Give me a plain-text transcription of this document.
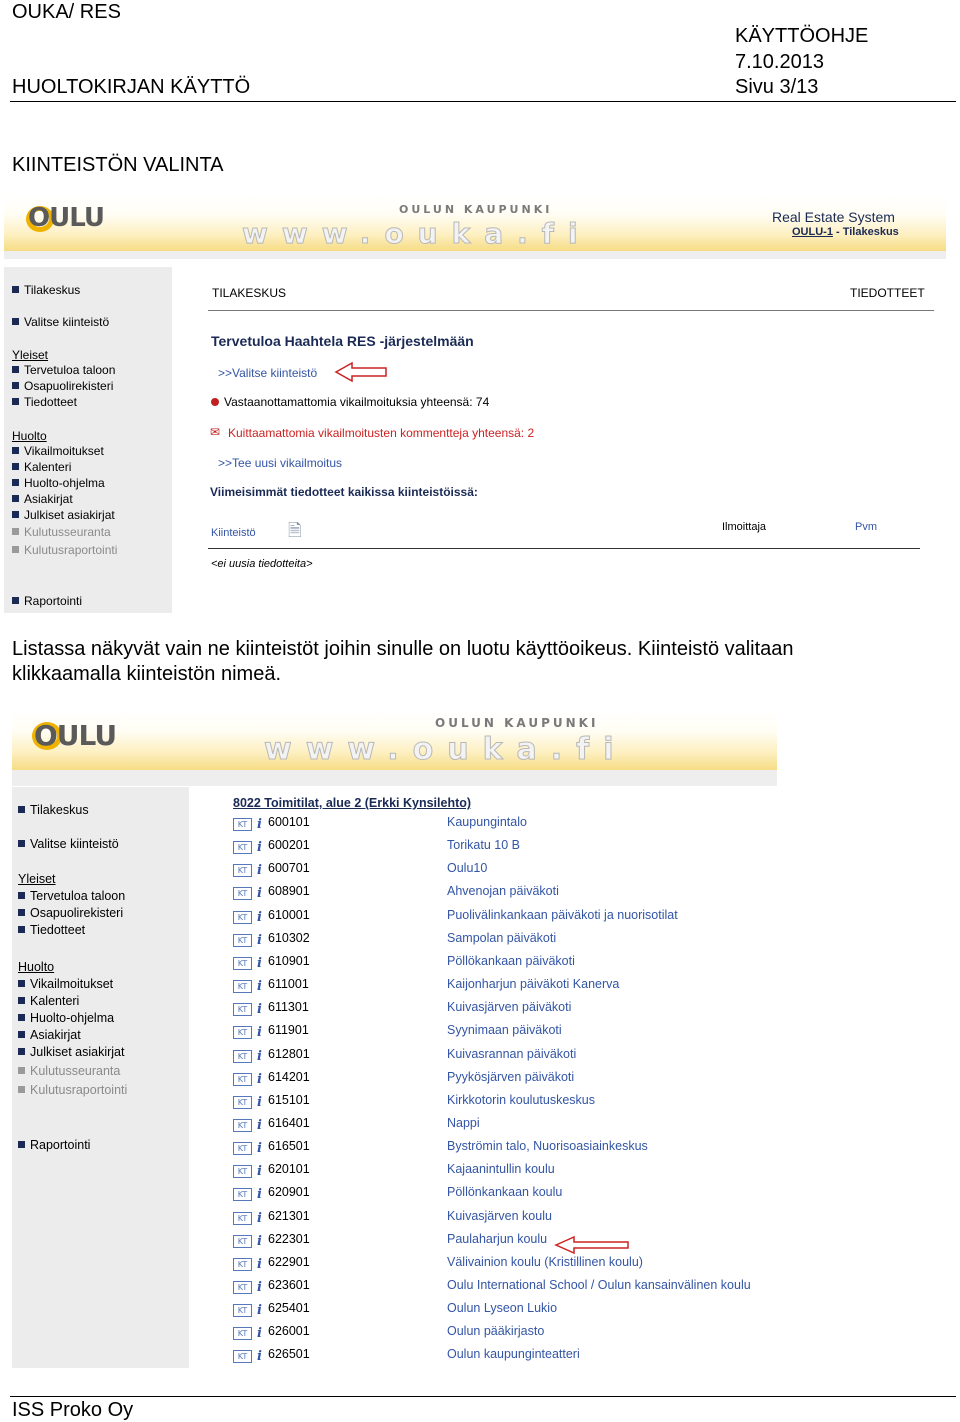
OUKA/ RES
KÄYTTÖOHJE
7.10.2013
HUOLTOKIRJAN KÄYTTÖ	Sivu 3/13
KIINTEISTÖN VALINTA
OULU	OULUN KAUPUNKI
www.ouka.fi	Real Estate System
OULU-1 - Tilakeskus
Tilakeskus
Valitse kiinteistö
Yleiset
Tervetuloa taloon
Osapuolirekisteri
Tiedotteet
Huolto
Vikailmoitukset
Kalenteri
Huolto-ohjelma
Asiakirjat
Julkiset asiakirjat
Kulutusseuranta
Kulutusraportointi
Raportointi
TILAKESKUS	TIEDOTTEET
Tervetuloa Haahtela RES -järjestelmään
>>Valitse kiinteistö
Vastaanottamattomia vikailmoituksia yhteensä: 74
✉ Kuittaamattomia vikailmoitusten kommentteja yhteensä: 2
>>Tee uusi vikailmoitus
Viimeisimmät tiedotteet kaikissa kiinteistöissä:
Kiinteistö 🗎	Ilmoittaja	Pvm
<ei uusia tiedotteita>
Listassa näkyvät vain ne kiinteistöt joihin sinulle on luotu käyttöoikeus. Kiinteistö valitaan
klikkaamalla kiinteistön nimeä.
OULU	OULUN KAUPUNKI
www.ouka.fi
Tilakeskus
Valitse kiinteistö
Yleiset
Tervetuloa taloon
Osapuolirekisteri
Tiedotteet
Huolto
Vikailmoitukset
Kalenteri
Huolto-ohjelma
Asiakirjat
Julkiset asiakirjat
Kulutusseuranta
Kulutusraportointi
Raportointi
8022 Toimitilat, alue 2 (Erkki Kynsilehto)
KT i 600101	Kaupungintalo
KT i 600201	Torikatu 10 B
KT i 600701	Oulu10
KT i 608901	Ahvenojan päiväkoti
KT i 610001	Puolivälinkankaan päiväkoti ja nuorisotilat
KT i 610302	Sampolan päiväkoti
KT i 610901	Pöllökankaan päiväkoti
KT i 611001	Kaijonharjun päiväkoti Kanerva
KT i 611301	Kuivasjärven päiväkoti
KT i 611901	Syynimaan päiväkoti
KT i 612801	Kuivasrannan päiväkoti
KT i 614201	Pyykösjärven päiväkoti
KT i 615101	Kirkkotorin koulutuskeskus
KT i 616401	Nappi
KT i 616501	Byströmin talo, Nuorisoasiainkeskus
KT i 620101	Kajaanintullin koulu
KT i 620901	Pöllönkankaan koulu
KT i 621301	Kuivasjärven koulu
KT i 622301	Paulaharjun koulu
KT i 622901	Välivainion koulu (Kristillinen koulu)
KT i 623601	Oulu International School / Oulun kansainvälinen koulu
KT i 625401	Oulun Lyseon Lukio
KT i 626001	Oulun pääkirjasto
KT i 626501	Oulun kaupunginteatteri
ISS Proko Oy
